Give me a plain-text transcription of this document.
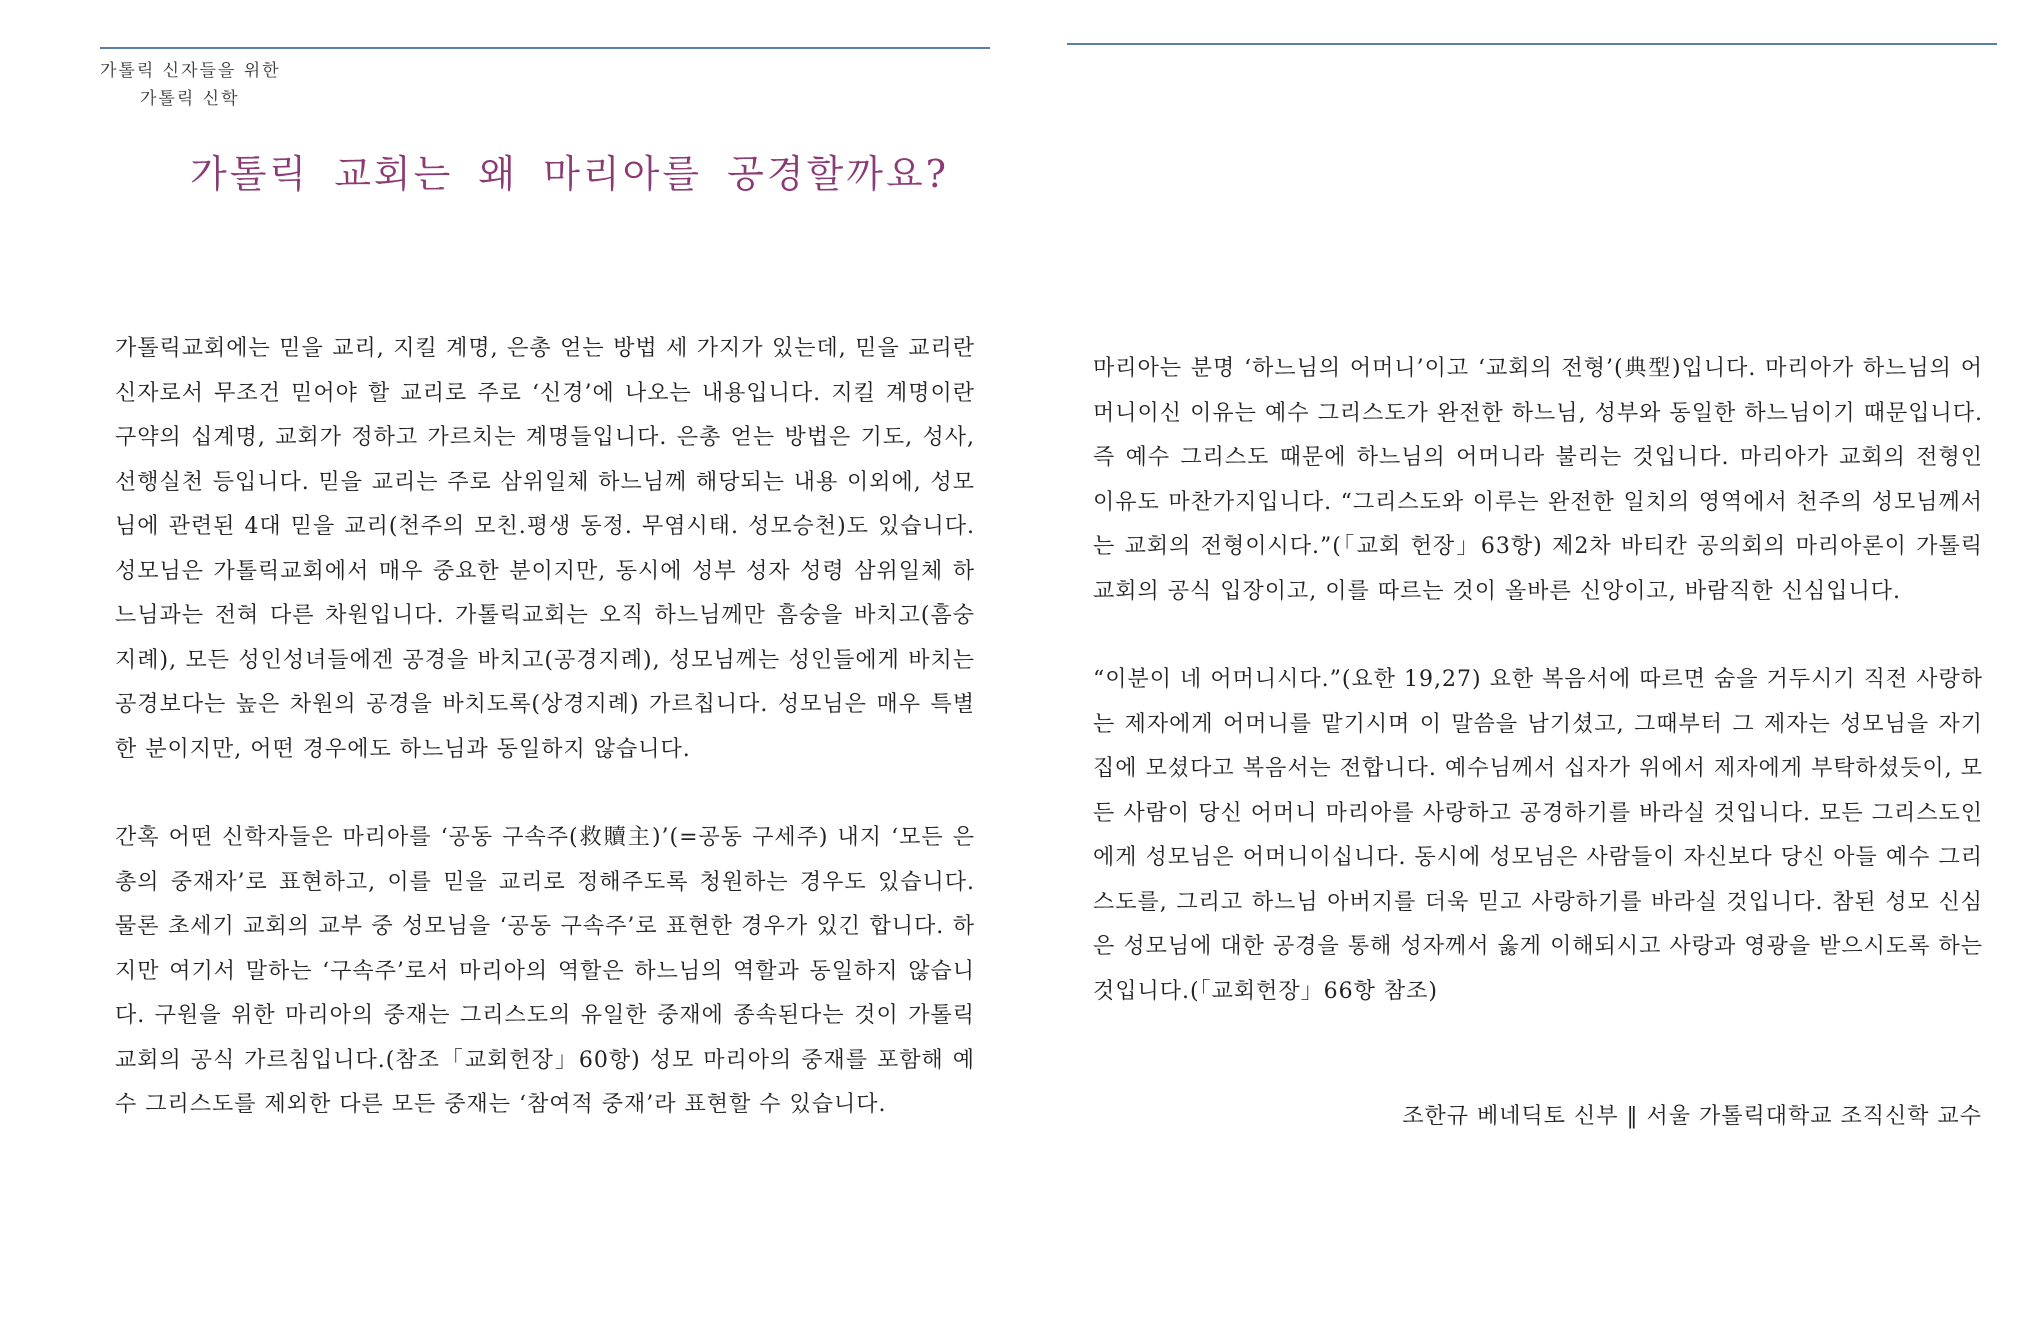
가톨릭 신자들을 위한
가톨릭 신학
가톨릭 교회는 왜 마리아를 공경할까요?

가톨릭교회에는 믿을 교리, 지킬 계명, 은총 얻는 방법 세 가지가 있는데, 믿을 교리란 신자로서 무조건 믿어야 할 교리로 주로 ‘신경’에 나오는 내용입니다. 지킬 계명이란 구약의 십계명, 교회가 정하고 가르치는 계명들입니다. 은총 얻는 방법은 기도, 성사, 선행실천 등입니다. 믿을 교리는 주로 삼위일체 하느님께 해당되는 내용 이외에, 성모님에 관련된 4대 믿을 교리(천주의 모친.평생 동정. 무염시태. 성모승천)도 있습니다. 성모님은 가톨릭교회에서 매우 중요한 분이지만, 동시에 성부 성자 성령 삼위일체 하느님과는 전혀 다른 차원입니다. 가톨릭교회는 오직 하느님께만 흠숭을 바치고(흠숭지례), 모든 성인성녀들에겐 공경을 바치고(공경지례), 성모님께는 성인들에게 바치는 공경보다는 높은 차원의 공경을 바치도록(상경지례) 가르칩니다. 성모님은 매우 특별한 분이지만, 어떤 경우에도 하느님과 동일하지 않습니다.

간혹 어떤 신학자들은 마리아를 ‘공동 구속주(救贖主)’(=공동 구세주) 내지 ‘모든 은총의 중재자’로 표현하고, 이를 믿을 교리로 정해주도록 청원하는 경우도 있습니다. 물론 초세기 교회의 교부 중 성모님을 ‘공동 구속주’로 표현한 경우가 있긴 합니다. 하지만 여기서 말하는 ‘구속주’로서 마리아의 역할은 하느님의 역할과 동일하지 않습니다. 구원을 위한 마리아의 중재는 그리스도의 유일한 중재에 종속된다는 것이 가톨릭교회의 공식 가르침입니다.(참조「교회헌장」60항) 성모 마리아의 중재를 포함해 예수 그리스도를 제외한 다른 모든 중재는 ‘참여적 중재’라 표현할 수 있습니다.

마리아는 분명 ‘하느님의 어머니’이고 ‘교회의 전형’(典型)입니다. 마리아가 하느님의 어머니이신 이유는 예수 그리스도가 완전한 하느님, 성부와 동일한 하느님이기 때문입니다. 즉 예수 그리스도 때문에 하느님의 어머니라 불리는 것입니다. 마리아가 교회의 전형인 이유도 마찬가지입니다. “그리스도와 이루는 완전한 일치의 영역에서 천주의 성모님께서는 교회의 전형이시다.”(「교회 헌장」63항) 제2차 바티칸 공의회의 마리아론이 가톨릭교회의 공식 입장이고, 이를 따르는 것이 올바른 신앙이고, 바람직한 신심입니다.

“이분이 네 어머니시다.”(요한 19,27) 요한 복음서에 따르면 숨을 거두시기 직전 사랑하는 제자에게 어머니를 맡기시며 이 말씀을 남기셨고, 그때부터 그 제자는 성모님을 자기 집에 모셨다고 복음서는 전합니다. 예수님께서 십자가 위에서 제자에게 부탁하셨듯이, 모든 사람이 당신 어머니 마리아를 사랑하고 공경하기를 바라실 것입니다. 모든 그리스도인에게 성모님은 어머니이십니다. 동시에 성모님은 사람들이 자신보다 당신 아들 예수 그리스도를, 그리고 하느님 아버지를 더욱 믿고 사랑하기를 바라실 것입니다. 참된 성모 신심은 성모님에 대한 공경을 통해 성자께서 옳게 이해되시고 사랑과 영광을 받으시도록 하는 것입니다.(「교회헌장」66항 참조)

조한규 베네딕토 신부 ‖ 서울 가톨릭대학교 조직신학 교수
